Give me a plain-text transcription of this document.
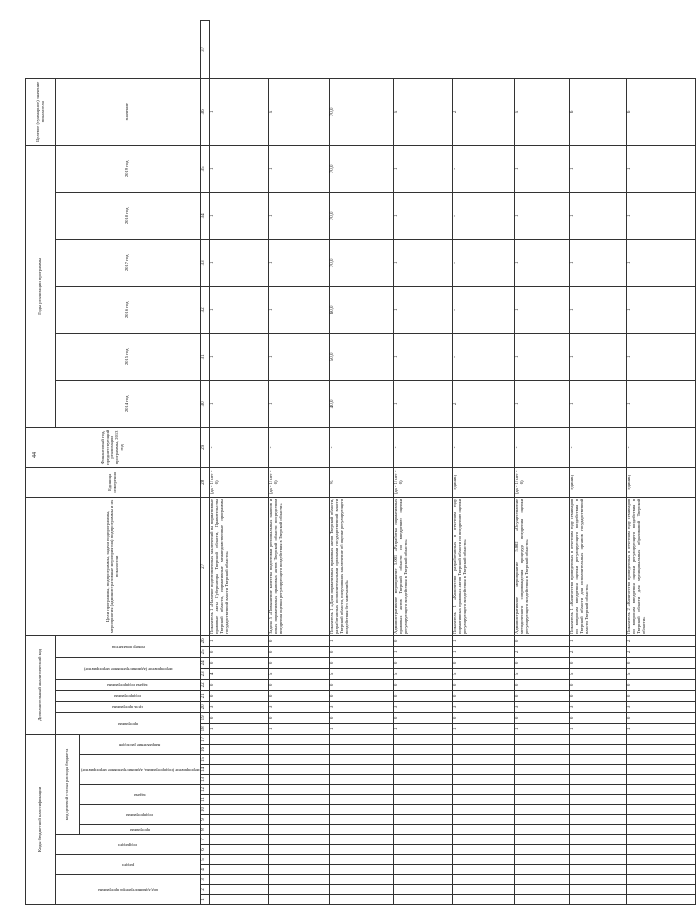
44
Коды бюджетной классификации																	Дополнительный аналитический код									Цели программы, подпрограммы, задачи подпрограммы, мероприятия (административные мероприятия) подпрограммы и их показатели	Единица измерения	Финансовый год, предшествующий реализации программы, 2013 год	Годы реализации программы						Целевое (суммарное) значение показателя	

код администратора программы			раздел		подраздел		код целевой статьи расхода бюджета										программа		цель программы	подпрограмма	задача подпрограммы	мероприятие (административное мероприятие)		номер показателя					2014 год	2015 год	2016 год	2017 год	2018 год	2019 год	значение	

							программа	подпрограмма		задача		мероприятие (подпрограммы, административное мероприятие)			направление расходов																					

1	2	3	4	5	6	7	8	9	10	11	12	13	14	15	16	17	18	19	20	21	22	23	24	25	26	27	28	29	30	31	32	33	34	35	36	37
																	1	0	3	0	0	4	0	0	1	Показатель 1 «Наличие подготовленных заключений на нормативные правовые акты Губернатора Тверской области, Правительства Тверской области, нормативные межведомственные программы государственной власти Тверской области»	(да - 1/ нет - 0)	-	1	1	1	1	1	1	1	
																	1	0	3	0	0	5	0	0	0	Задача 5 «Повышение качества подготовки региональных законов и иных нормативных правовых актов Тверской области посредством внедрения оценки регулирующего воздействия в Тверской области»	(да - 1/ нет - 0)	-	1	1	1	1	1	1	х	
																	1	0	3	0	0	5	0	0	1	Показатель 1 «Доля нормативных правовых актов Тверской области, разработанных исполнительными органами государственной власти Тверской области, получивших заключение об оценке регулирующего воздействия без замечаний»	%	-	40,0	50,0	60,0	70,0	70,0	70,0	70,0	
																	1	0	3	0	0	5	0	1	0	Административное мероприятие 5.001 «Разработка нормативных правовых актов Тверской области по внедрению оценки регулирующего воздействия в Тверской области»	(да - 1/ нет - 0)	-	1	1	1	1	1	1	х	
																	1	0	3	0	0	5	0	1	1	Показатель 1 «Количество разработанных в отчетном году нормативных правовых актов Тверской области по внедрению оценки регулирующего воздействия в Тверской области»	единиц	-	2	-	-	-	-	-	2	
																	1	0	3	0	0	5	0	2	0	Административное мероприятие 5.002 «Осуществление методического сопровождения процедур внедрения оценки регулирующего воздействия в Тверской области»	(да - 1/ нет - 0)	-	1	1	1	1	1	1	х	
																	1	0	3	0	0	5	0	2	1	Показатель 1 «Количество проведенных в отчетном году семинаров по вопросам внедрения оценки регулирующего воздействия в Тверской области для исполнительных органов государственной власти Тверской области»	единиц	-	1	1	1	1	1	1	6	
																	1	0	3	0	0	5	0	2	2	Показатель 2 «Количество проведенных в отчетном году семинаров по вопросам внедрения оценки регулирующего воздействия в Тверской области для муниципальных образований Тверской области»	единиц	-	1	1	1	1	1	1	6	
